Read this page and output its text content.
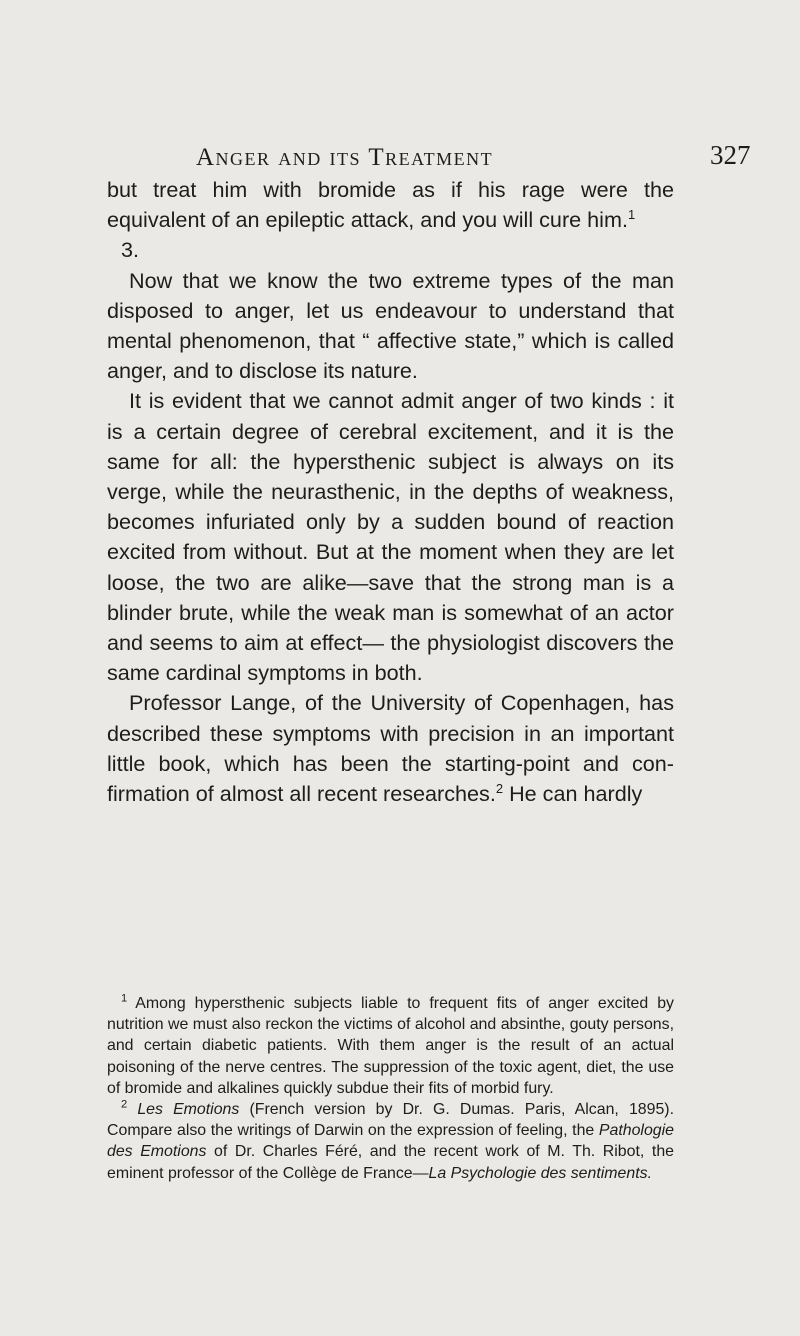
Anger and its Treatment	327

but treat him with bromide as if his rage were the equivalent of an epileptic attack, and you will cure him.$^1$

3.

Now that we know the two extreme types of the man disposed to anger, let us endeavour to understand that mental phenomenon, that “ affective state,” which is called anger, and to disclose its nature.

It is evident that we cannot admit anger of two kinds : it is a certain degree of cerebral excitement, and it is the same for all: the hypersthenic subject is always on its verge, while the neurasthenic, in the depths of weakness, becomes infuriated only by a sudden bound of reaction excited from without. But at the moment when they are let loose, the two are alike—save that the strong man is a blinder brute, while the weak man is somewhat of an actor and seems to aim at effect— the physiologist discovers the same cardinal symptoms in both.

Professor Lange, of the University of Copenhagen, has described these symptoms with precision in an important little book, which has been the starting-point and con- firmation of almost all recent researches.$^2$ He can hardly

$^1$ Among hypersthenic subjects liable to frequent fits of anger excited by nutrition we must also reckon the victims of alcohol and absinthe, gouty persons, and certain diabetic patients. With them anger is the result of an actual poisoning of the nerve centres. The suppression of the toxic agent, diet, the use of bromide and alkalines quickly subdue their fits of morbid fury.

$^2$ Les Emotions (French version by Dr. G. Dumas. Paris, Alcan, 1895). Compare also the writings of Darwin on the expression of feeling, the Pathologie des Emotions of Dr. Charles Féré, and the recent work of M. Th. Ribot, the eminent professor of the Collège de France—La Psychologie des sentiments.
